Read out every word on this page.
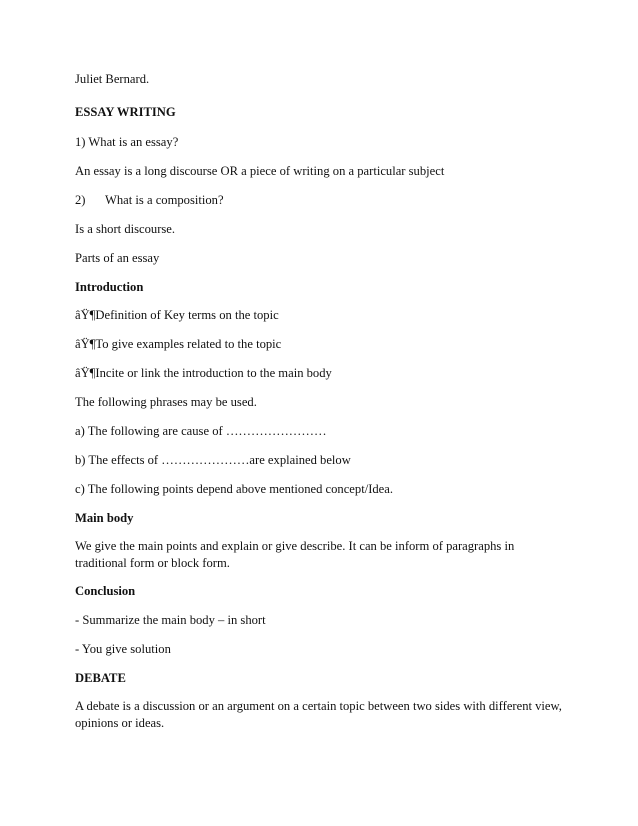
Juliet Bernard.
ESSAY WRITING
1) What is an essay?
An essay is a long discourse OR a piece of writing on a particular subject
2) What is a composition?
Is a short discourse.
Parts of an essay
Introduction
âŸ¶Definition of Key terms on the topic
âŸ¶To give examples related to the topic
âŸ¶Incite or link the introduction to the main body
The following phrases may be used.
a) The following are cause of ……………………
b) The effects of …………………are explained below
c) The following points depend above mentioned concept/Idea.
Main body
We give the main points and explain or give describe. It can be inform of paragraphs in traditional form or block form.
Conclusion
- Summarize the main body – in short
- You give solution
DEBATE
A debate is a discussion or an argument on a certain topic between two sides with different view, opinions or ideas.
